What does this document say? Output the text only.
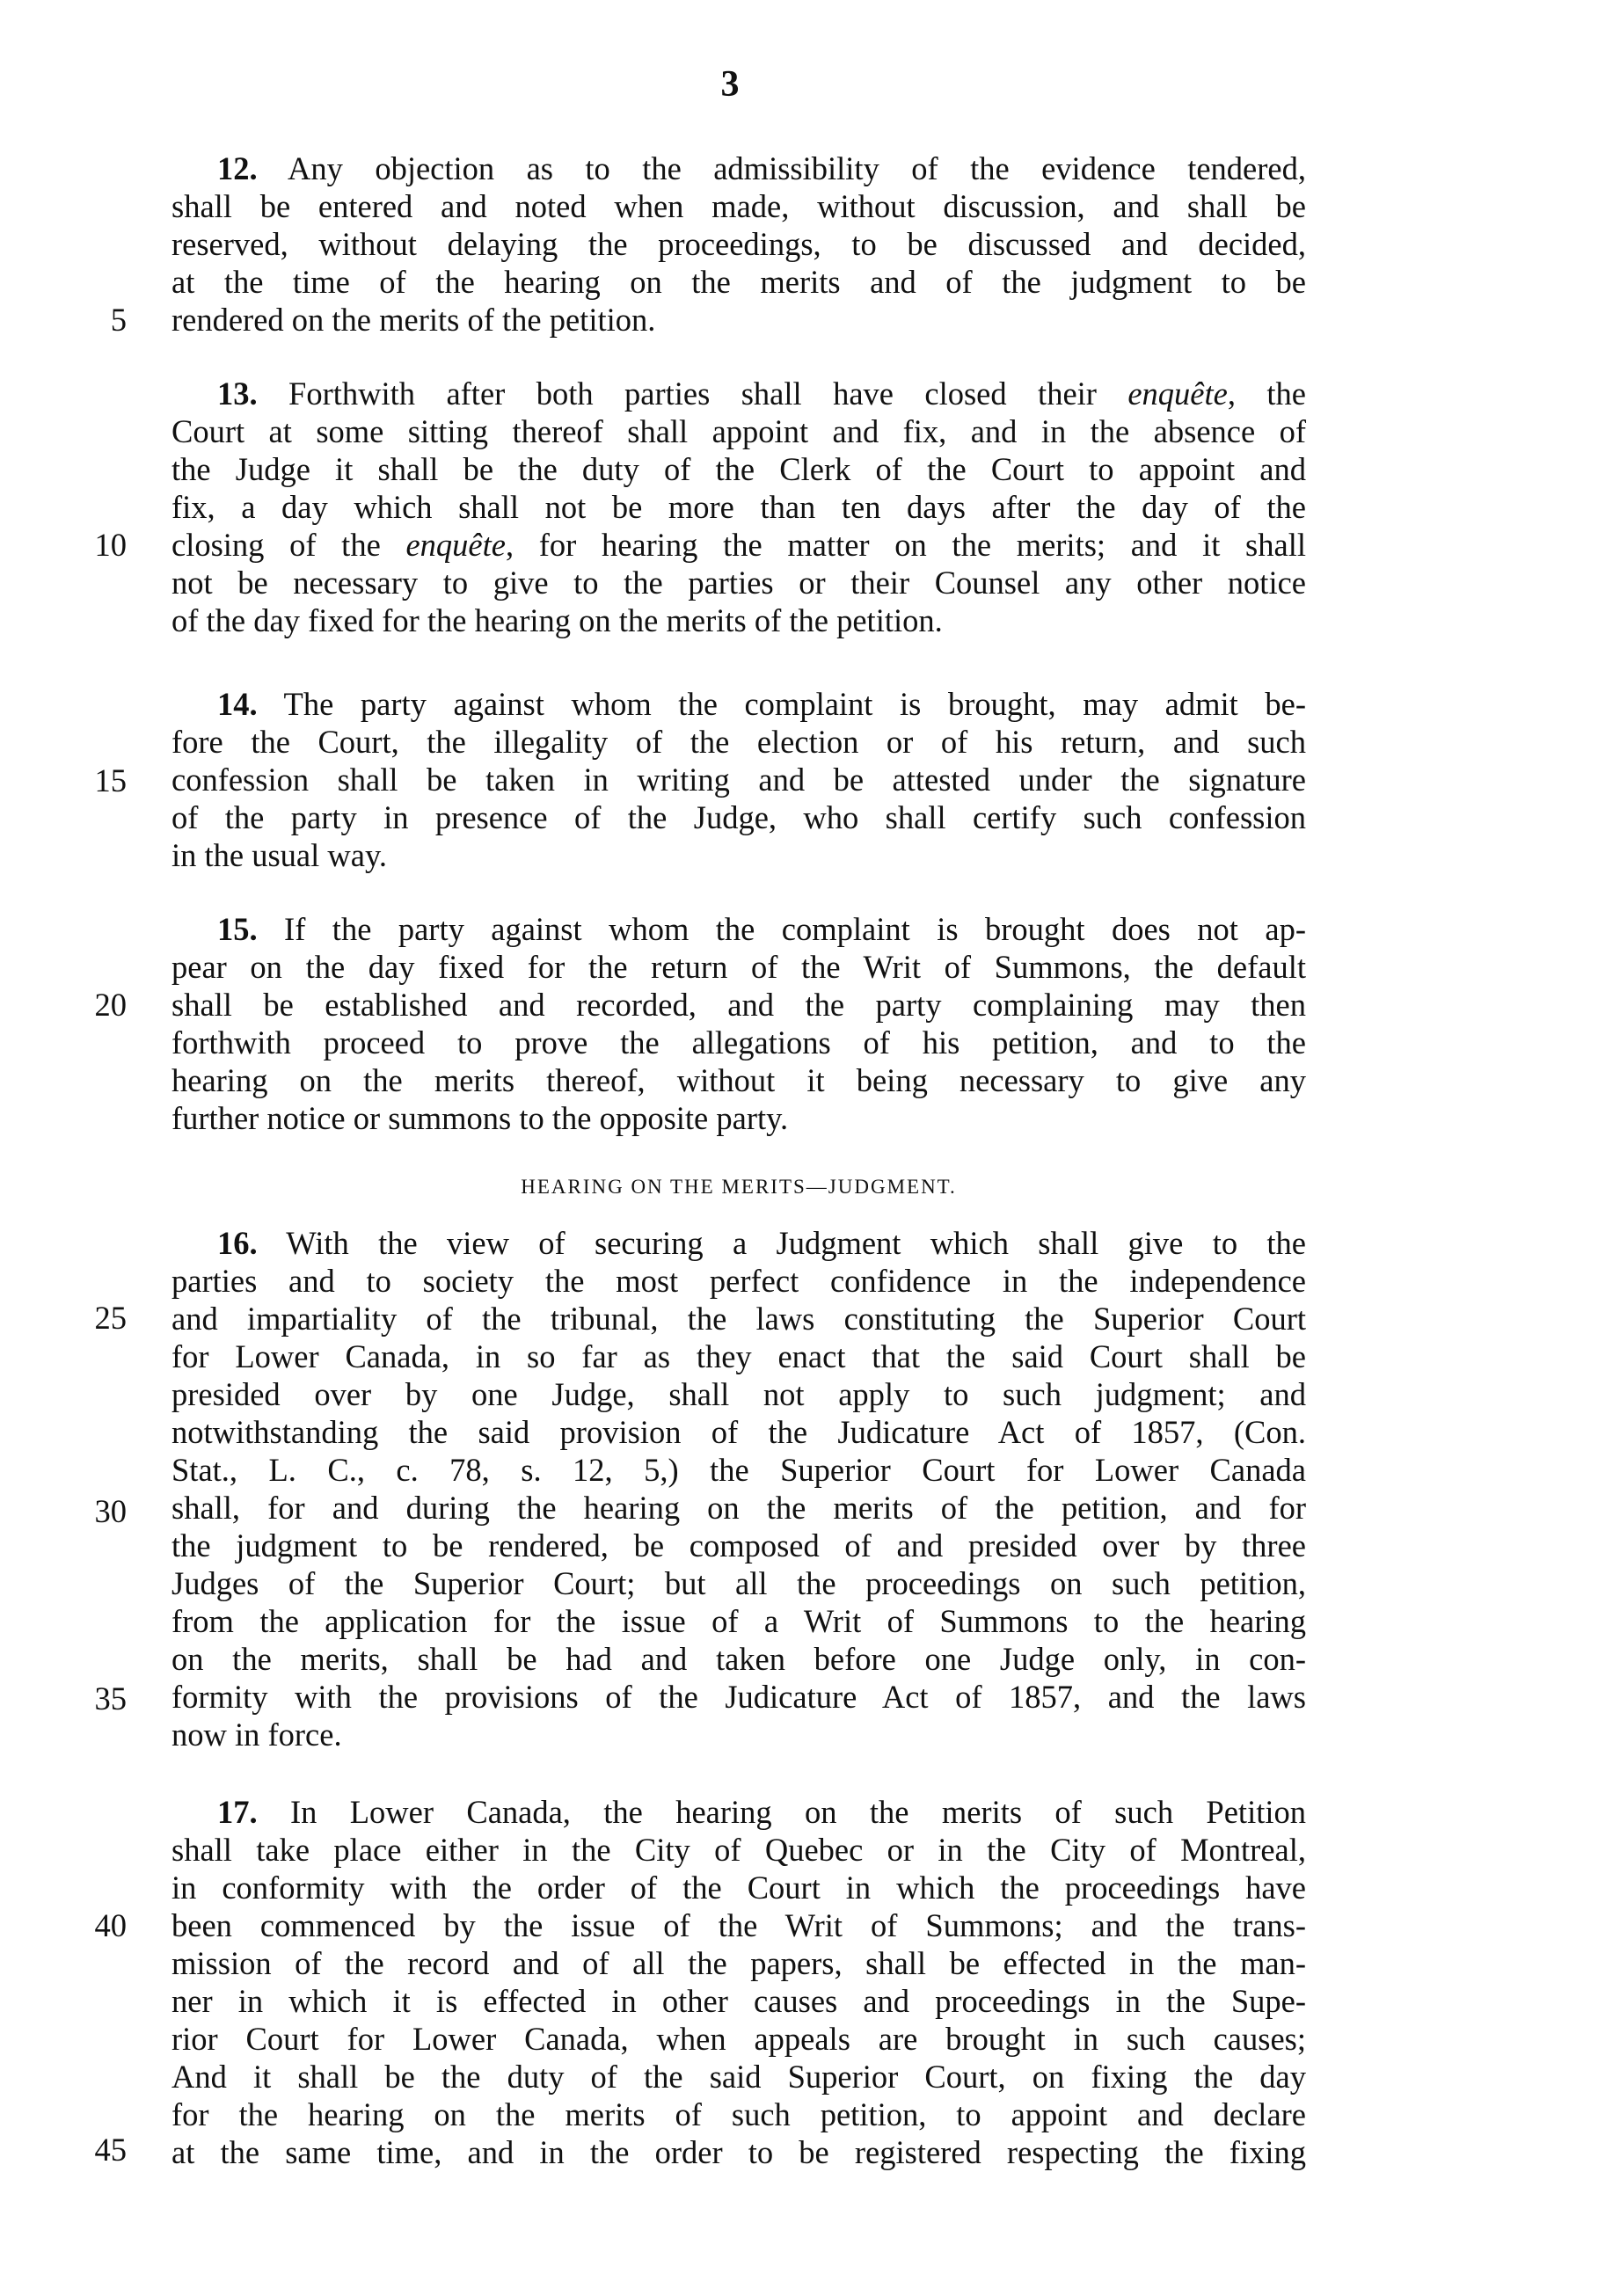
3
5
10
15
20
25
30
35
40
45
12. Any objection as to the admissibility of the evidence tendered,
shall be entered and noted when made, without discussion, and shall be
reserved, without delaying the proceedings, to be discussed and decided,
at the time of the hearing on the merits and of the judgment to be
rendered on the merits of the petition.
13. Forthwith after both parties shall have closed their enquête, the
Court at some sitting thereof shall appoint and fix, and in the absence of
the Judge it shall be the duty of the Clerk of the Court to appoint and
fix, a day which shall not be more than ten days after the day of the
closing of the enquête, for hearing the matter on the merits; and it shall
not be necessary to give to the parties or their Counsel any other notice
of the day fixed for the hearing on the merits of the petition.
14. The party against whom the complaint is brought, may admit be-
fore the Court, the illegality of the election or of his return, and such
confession shall be taken in writing and be attested under the signature
of the party in presence of the Judge, who shall certify such confession
in the usual way.
15. If the party against whom the complaint is brought does not ap-
pear on the day fixed for the return of the Writ of Summons, the default
shall be established and recorded, and the party complaining may then
forthwith proceed to prove the allegations of his petition, and to the
hearing on the merits thereof, without it being necessary to give any
further notice or summons to the opposite party.
HEARING ON THE MERITS—JUDGMENT.
16. With the view of securing a Judgment which shall give to the
parties and to society the most perfect confidence in the independence
and impartiality of the tribunal, the laws constituting the Superior Court
for Lower Canada, in so far as they enact that the said Court shall be
presided over by one Judge, shall not apply to such judgment; and
notwithstanding the said provision of the Judicature Act of 1857, (Con.
Stat., L. C., c. 78, s. 12, 5,) the Superior Court for Lower Canada
shall, for and during the hearing on the merits of the petition, and for
the judgment to be rendered, be composed of and presided over by three
Judges of the Superior Court; but all the proceedings on such petition,
from the application for the issue of a Writ of Summons to the hearing
on the merits, shall be had and taken before one Judge only, in con-
formity with the provisions of the Judicature Act of 1857, and the laws
now in force.
17. In Lower Canada, the hearing on the merits of such Petition
shall take place either in the City of Quebec or in the City of Montreal,
in conformity with the order of the Court in which the proceedings have
been commenced by the issue of the Writ of Summons; and the trans-
mission of the record and of all the papers, shall be effected in the man-
ner in which it is effected in other causes and proceedings in the Supe-
rior Court for Lower Canada, when appeals are brought in such causes;
And it shall be the duty of the said Superior Court, on fixing the day
for the hearing on the merits of such petition, to appoint and declare
at the same time, and in the order to be registered respecting the fixing
